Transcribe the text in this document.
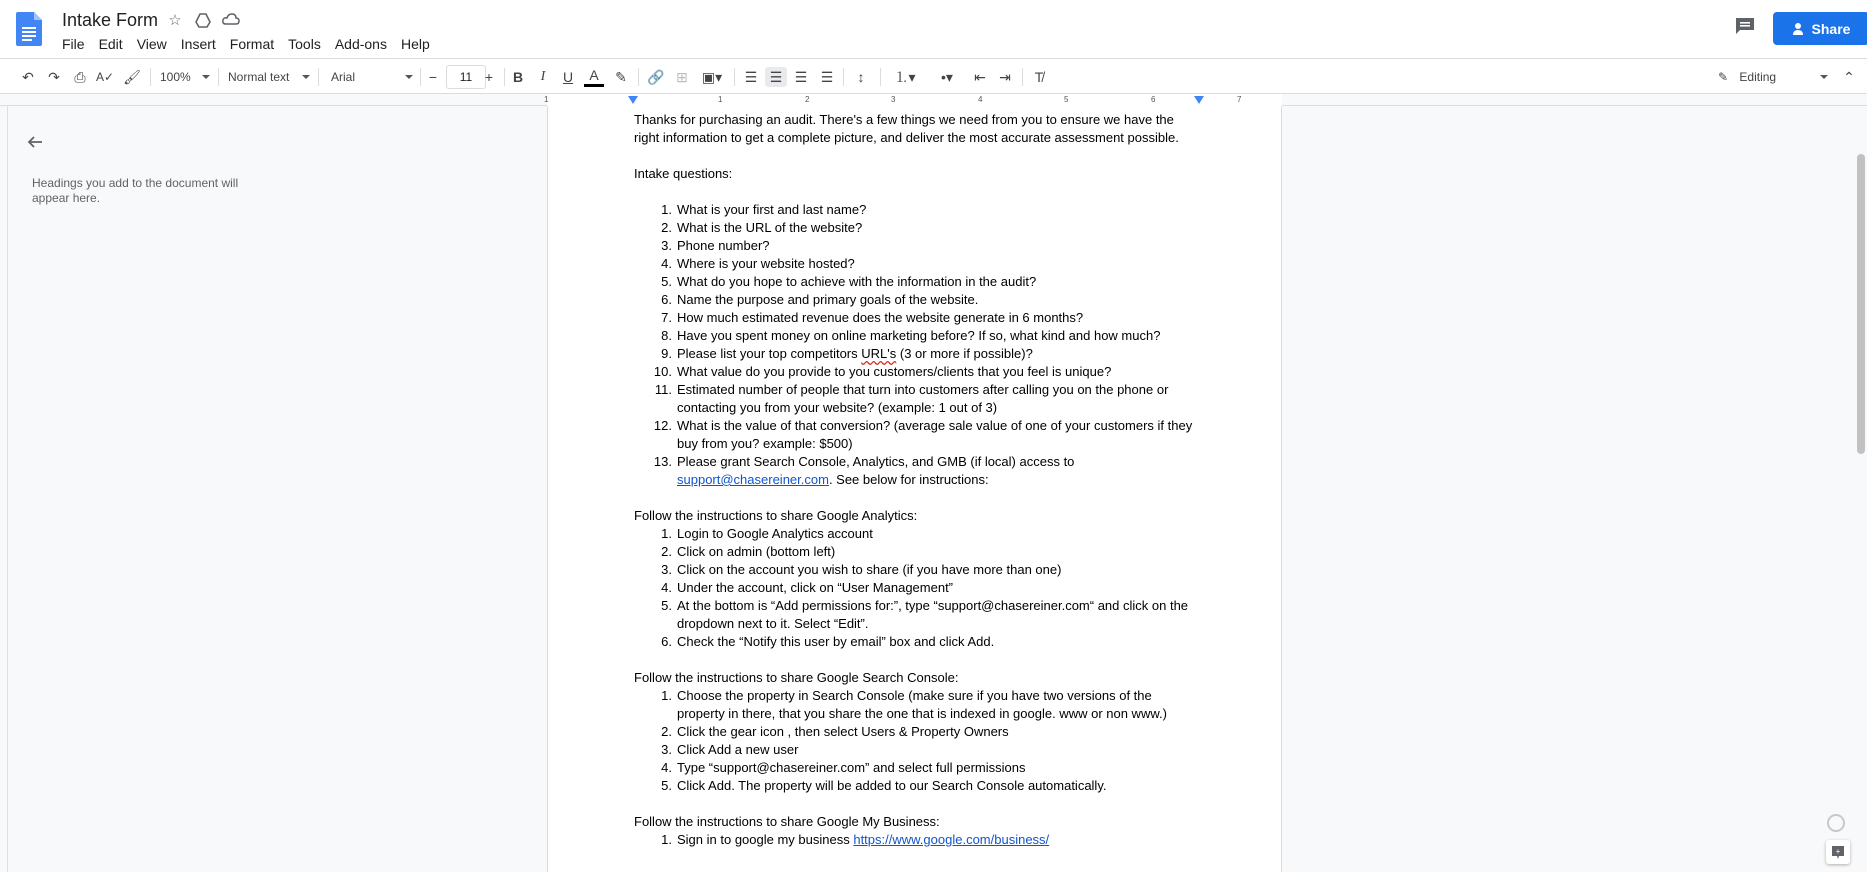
Intake Form ☆
File	Edit	View	Insert	Format	Tools	Add-ons	Help
Share
↶ ↷	⎙ A✓ 🖌 100%	Normal text	Arial	−	11 +	B	I	U	A	✎ 🔗 ⊞ ▣▾ ☰ ☰ ☰ ☰	↕	⒈▾	•▾	⇤ ⇥	T̸	✎ Editing	⌃
1	1	2	3	4	5	6	7
Headings you add to the document will appear here.

Thanks for purchasing an audit. There's a few things we need from you to ensure we have the right information to get a complete picture, and deliver the most accurate assessment possible.

Intake questions:

1. What is your first and last name?
2. What is the URL of the website?
3. Phone number?
4. Where is your website hosted?
5. What do you hope to achieve with the information in the audit?
6. Name the purpose and primary goals of the website.
7. How much estimated revenue does the website generate in 6 months?
8. Have you spent money on online marketing before? If so, what kind and how much?
9. Please list your top competitors URL's (3 or more if possible)?
10. What value do you provide to you customers/clients that you feel is unique?
11. Estimated number of people that turn into customers after calling you on the phone or contacting you from your website? (example: 1 out of 3)
12. What is the value of that conversion? (average sale value of one of your customers if they buy from you? example: $500)
13. Please grant Search Console, Analytics, and GMB (if local) access to support@chasereiner.com. See below for instructions:

Follow the instructions to share Google Analytics:

1. Login to Google Analytics account
2. Click on admin (bottom left)
3. Click on the account you wish to share (if you have more than one)
4. Under the account, click on “User Management”
5. At the bottom is “Add permissions for:”, type “support@chasereiner.com“ and click on the dropdown next to it. Select “Edit”.
6. Check the “Notify this user by email” box and click Add.

Follow the instructions to share Google Search Console:

1. Choose the property in Search Console (make sure if you have two versions of the property in there, that you share the one that is indexed in google. www or non www.)
2. Click the gear icon , then select Users & Property Owners
3. Click Add a new user
4. Type “support@chasereiner.com” and select full permissions
5. Click Add. The property will be added to our Search Console automatically.

Follow the instructions to share Google My Business:

1. Sign in to google my business https://www.google.com/business/
+
